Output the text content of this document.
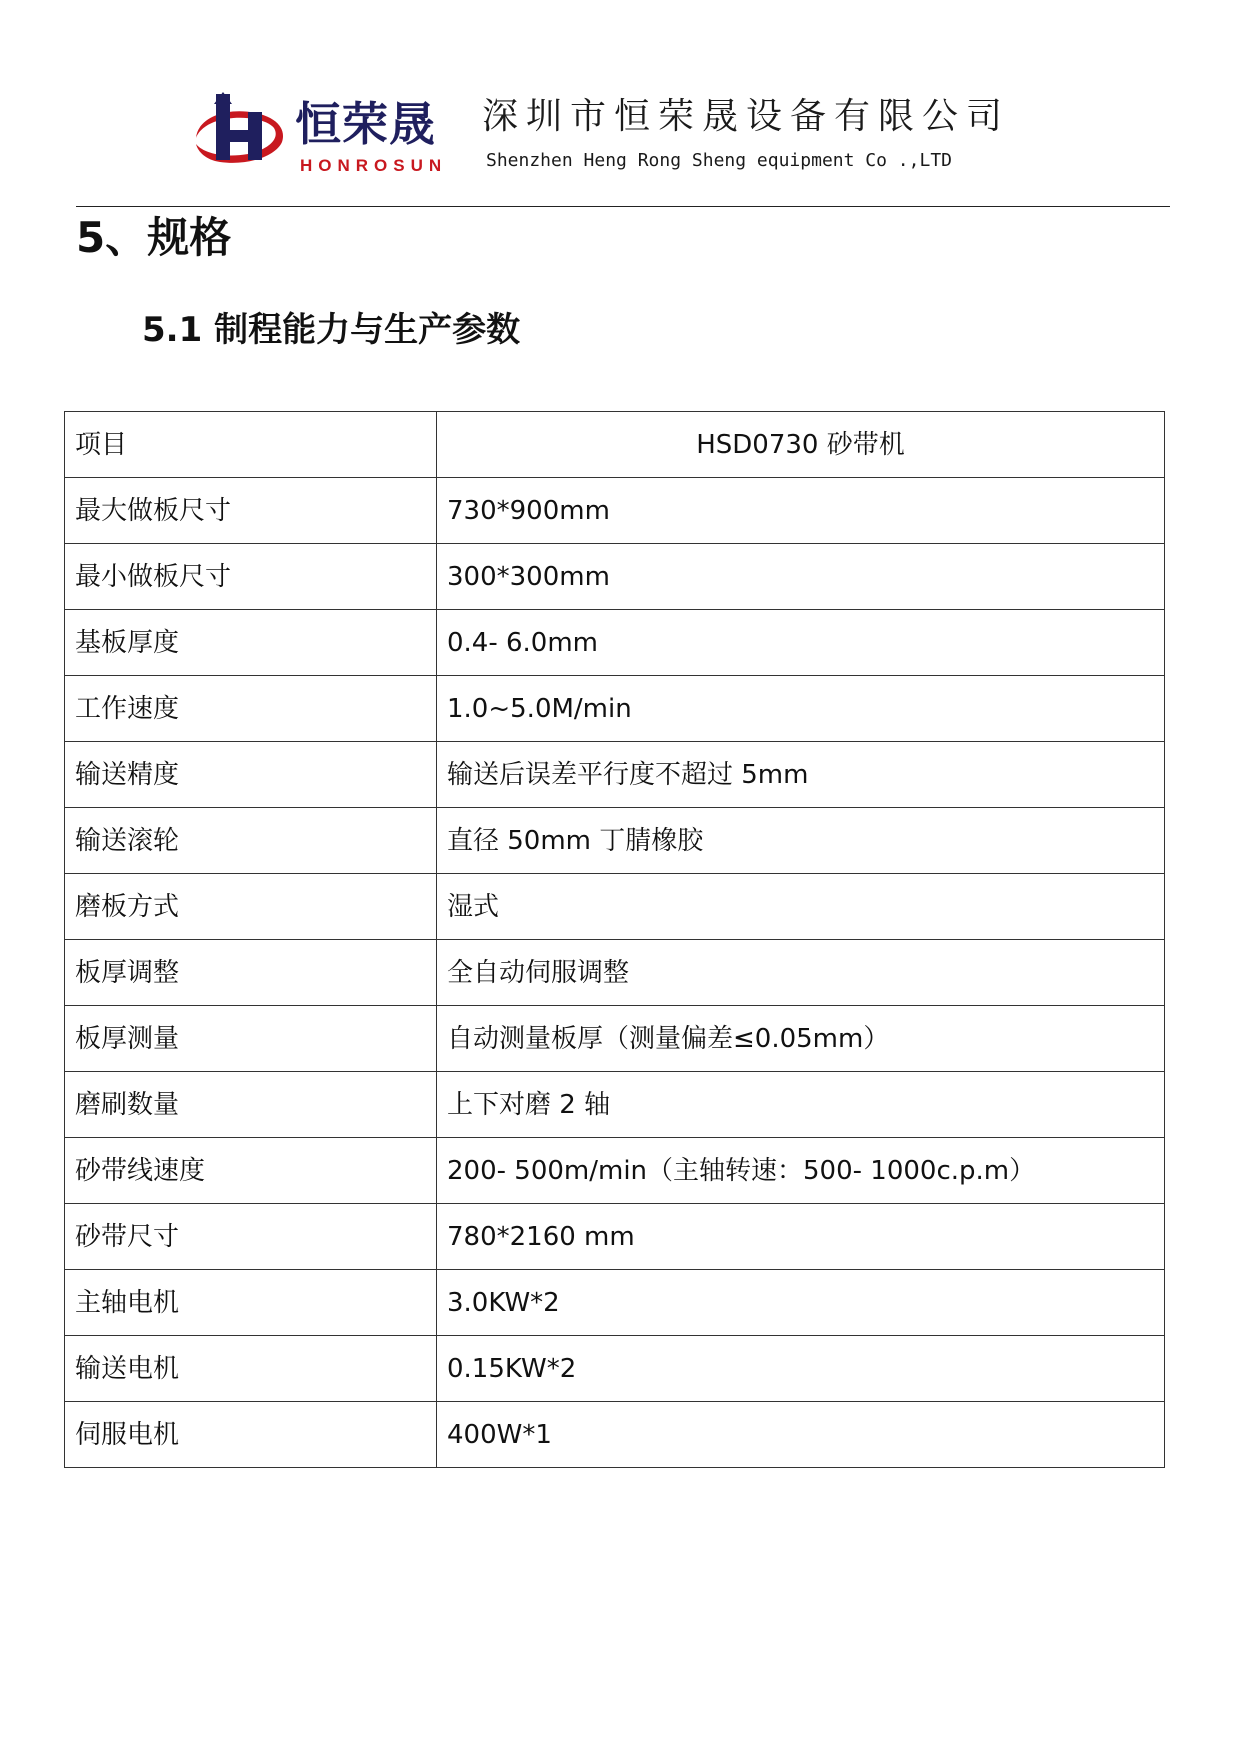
恒荣晟
HONROSUN
深圳市恒荣晟设备有限公司
Shenzhen Heng Rong Sheng equipment Co .,LTD
5、规格
5.1 制程能力与生产参数
项目	HSD0730 砂带机
最大做板尺寸	730*900mm
最小做板尺寸	300*300mm
基板厚度	0.4- 6.0mm
工作速度	1.0~5.0M/min
输送精度	输送后误差平行度不超过 5mm
输送滚轮	直径 50mm 丁腈橡胶
磨板方式	湿式
板厚调整	全自动伺服调整
板厚测量	自动测量板厚（测量偏差≤0.05mm）
磨刷数量	上下对磨 2 轴
砂带线速度	200- 500m/min（主轴转速：500- 1000c.p.m）
砂带尺寸	780*2160 mm
主轴电机	3.0KW*2
输送电机	0.15KW*2
伺服电机	400W*1
